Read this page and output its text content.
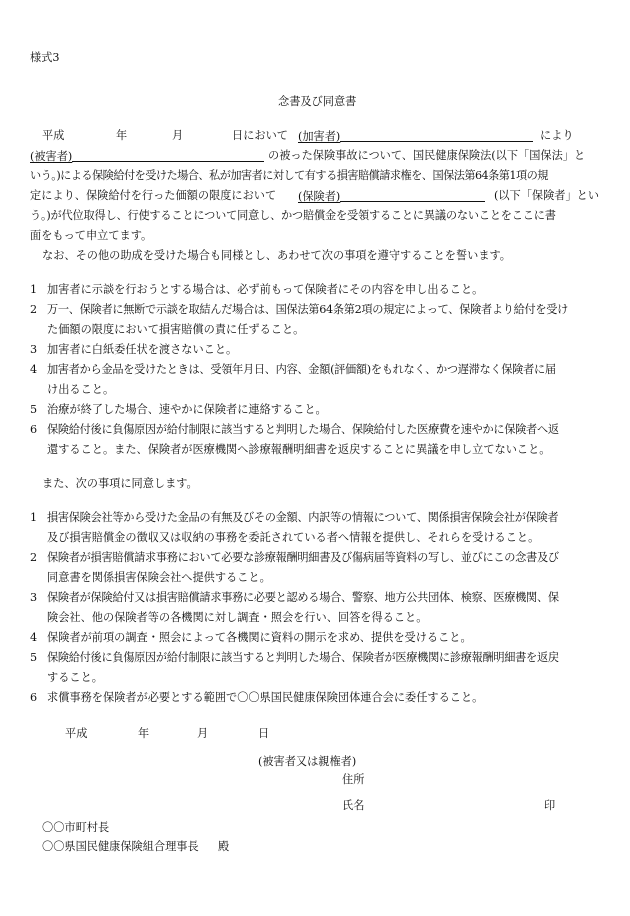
様式3
念書及び同意書
平成	年	月	日において (加害者)	により
(被害者)	の被った保険事故について、国民健康保険法(以下「国保法」と
いう。)による保険給付を受けた場合、私が加害者に対して有する損害賠償請求権を、国保法第64条第1項の規
定により、保険給付を行った価額の限度において (保険者)	(以下「保険者」とい
う。)が代位取得し、行使することについて同意し、かつ賠償金を受領することに異議のないことをここに書
面をもって申立てます。
なお、その他の助成を受けた場合も同様とし、あわせて次の事項を遵守することを誓います。
1 加害者に示談を行おうとする場合は、必ず前もって保険者にその内容を申し出ること。
2 万一、保険者に無断で示談を取結んだ場合は、国保法第64条第2項の規定によって、保険者より給付を受け
た価額の限度において損害賠償の責に任ずること。
3 加害者に白紙委任状を渡さないこと。
4 加害者から金品を受けたときは、受領年月日、内容、金額(評価額)をもれなく、かつ遅滞なく保険者に届
け出ること。
5 治療が終了した場合、速やかに保険者に連絡すること。
6 保険給付後に負傷原因が給付制限に該当すると判明した場合、保険給付した医療費を速やかに保険者へ返
還すること。また、保険者が医療機関へ診療報酬明細書を返戻することに異議を申し立てないこと。
また、次の事項に同意します。
1 損害保険会社等から受けた金品の有無及びその金額、内訳等の情報について、関係損害保険会社が保険者
及び損害賠償金の徴収又は収納の事務を委託されている者へ情報を提供し、それらを受けること。
2 保険者が損害賠償請求事務において必要な診療報酬明細書及び傷病届等資料の写し、並びにこの念書及び
同意書を関係損害保険会社へ提供すること。
3 保険者が保険給付又は損害賠償請求事務に必要と認める場合、警察、地方公共団体、検察、医療機関、保
険会社、他の保険者等の各機関に対し調査・照会を行い、回答を得ること。
4 保険者が前項の調査・照会によって各機関に資料の開示を求め、提供を受けること。
5 保険給付後に負傷原因が給付制限に該当すると判明した場合、保険者が医療機関に診療報酬明細書を返戻
すること。
6 求償事務を保険者が必要とする範囲で〇〇県国民健康保険団体連合会に委任すること。
平成	年	月	日
(被害者又は親権者)
住所
氏名	印
〇〇市町村長
〇〇県国民健康保険組合理事長 殿
